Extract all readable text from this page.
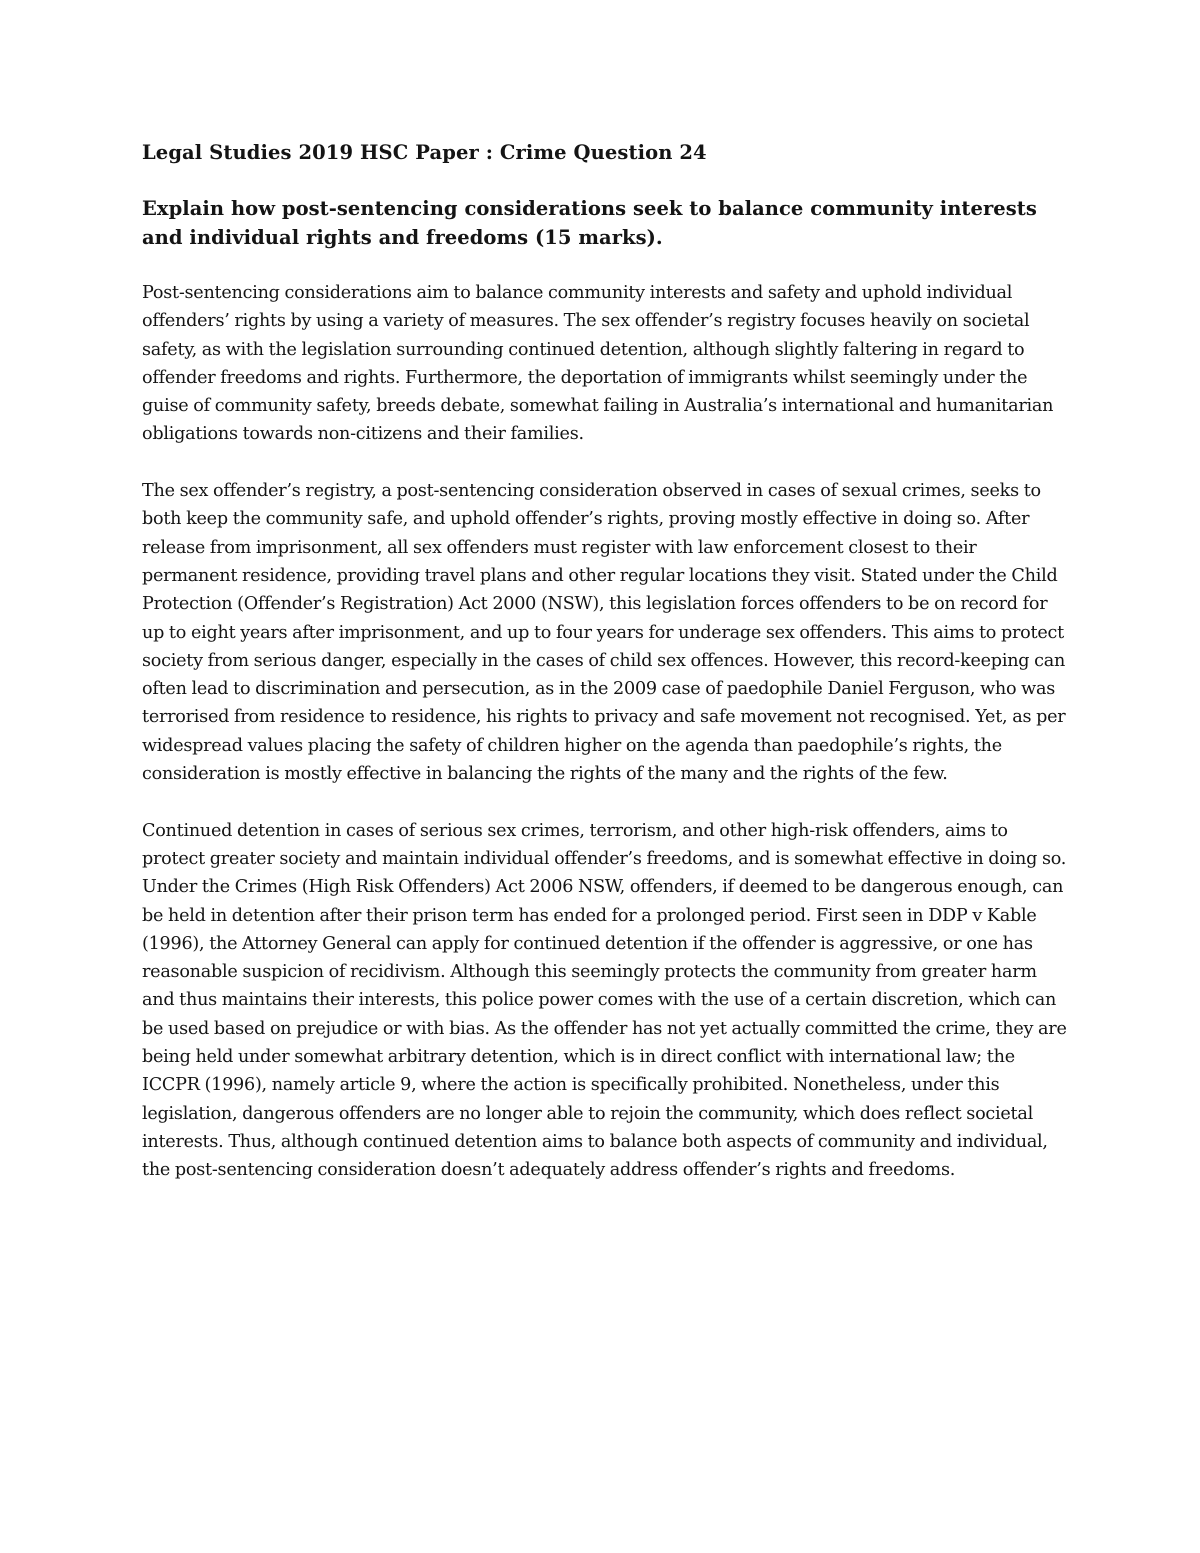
Legal Studies 2019 HSC Paper : Crime Question 24
Explain how post-sentencing considerations seek to balance community interests and individual rights and freedoms (15 marks).

Post-sentencing considerations aim to balance community interests and safety and uphold individual offenders’ rights by using a variety of measures. The sex offender’s registry focuses heavily on societal safety, as with the legislation surrounding continued detention, although slightly faltering in regard to offender freedoms and rights. Furthermore, the deportation of immigrants whilst seemingly under the guise of community safety, breeds debate, somewhat failing in Australia’s international and humanitarian obligations towards non-citizens and their families.

The sex offender’s registry, a post-sentencing consideration observed in cases of sexual crimes, seeks to both keep the community safe, and uphold offender’s rights, proving mostly effective in doing so. After release from imprisonment, all sex offenders must register with law enforcement closest to their permanent residence, providing travel plans and other regular locations they visit. Stated under the Child Protection (Offender’s Registration) Act 2000 (NSW), this legislation forces offenders to be on record for up to eight years after imprisonment, and up to four years for underage sex offenders. This aims to protect society from serious danger, especially in the cases of child sex offences. However, this record-keeping can often lead to discrimination and persecution, as in the 2009 case of paedophile Daniel Ferguson, who was terrorised from residence to residence, his rights to privacy and safe movement not recognised. Yet, as per widespread values placing the safety of children higher on the agenda than paedophile’s rights, the consideration is mostly effective in balancing the rights of the many and the rights of the few.

Continued detention in cases of serious sex crimes, terrorism, and other high-risk offenders, aims to protect greater society and maintain individual offender’s freedoms, and is somewhat effective in doing so. Under the Crimes (High Risk Offenders) Act 2006 NSW, offenders, if deemed to be dangerous enough, can be held in detention after their prison term has ended for a prolonged period. First seen in DDP v Kable (1996), the Attorney General can apply for continued detention if the offender is aggressive, or one has reasonable suspicion of recidivism. Although this seemingly protects the community from greater harm and thus maintains their interests, this police power comes with the use of a certain discretion, which can be used based on prejudice or with bias. As the offender has not yet actually committed the crime, they are being held under somewhat arbitrary detention, which is in direct conflict with international law; the ICCPR (1996), namely article 9, where the action is specifically prohibited. Nonetheless, under this legislation, dangerous offenders are no longer able to rejoin the community, which does reflect societal interests. Thus, although continued detention aims to balance both aspects of community and individual, the post-sentencing consideration doesn’t adequately address offender’s rights and freedoms.
